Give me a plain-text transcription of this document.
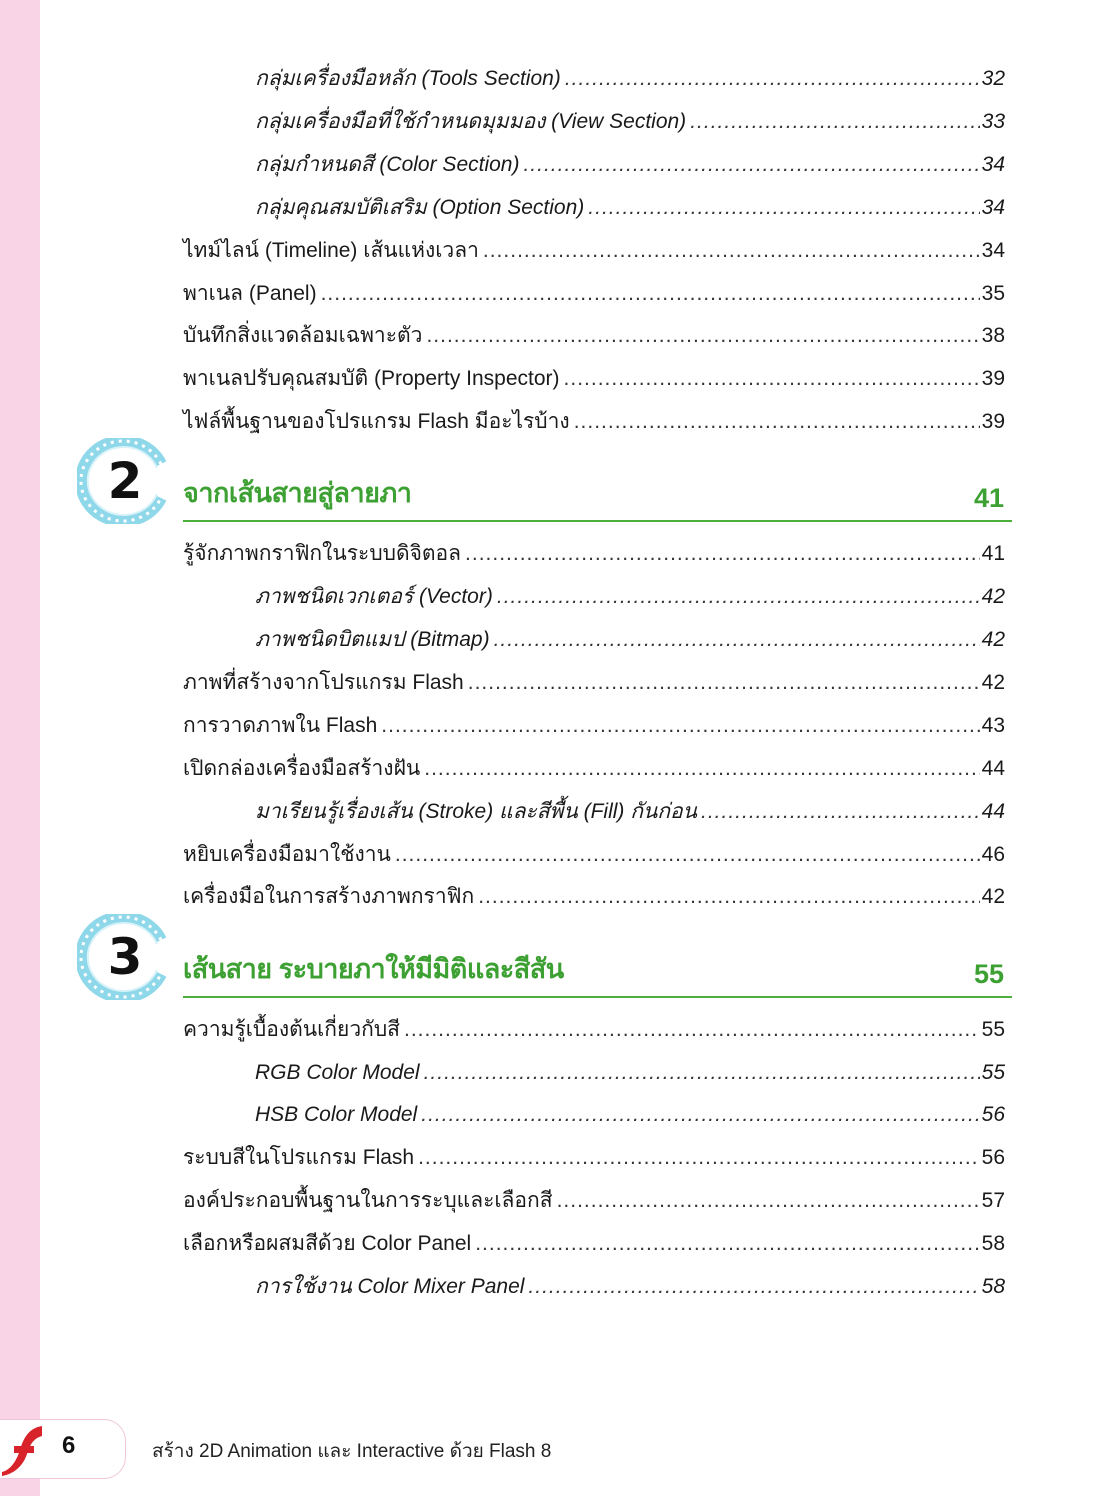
กลุ่มเครื่องมือหลัก (Tools Section) .....	32
กลุ่มเครื่องมือที่ใช้กำหนดมุมมอง (View Section) .....	33
กลุ่มกำหนดสี (Color Section) .....	34
กลุ่มคุณสมบัติเสริม (Option Section) .....	34
ไทม์ไลน์ (Timeline) เส้นแห่งเวลา .....	34
พาเนล (Panel) .....	35
บันทึกสิ่งแวดล้อมเฉพาะตัว .....	38
พาเนลปรับคุณสมบัติ (Property Inspector) .....	39
ไฟล์พื้นฐานของโปรแกรม Flash มีอะไรบ้าง .....	39
2	จากเส้นสายสู่ลายภา	41
รู้จักภาพกราฟิกในระบบดิจิตอล .....	41
ภาพชนิดเวกเตอร์ (Vector) .....	42
ภาพชนิดบิตแมป (Bitmap) .....	42
ภาพที่สร้างจากโปรแกรม Flash .....	42
การวาดภาพใน Flash .....	43
เปิดกล่องเครื่องมือสร้างฝัน .....	44
มาเรียนรู้เรื่องเส้น (Stroke) และสีพื้น (Fill) กันก่อน .....	44
หยิบเครื่องมือมาใช้งาน .....	46
เครื่องมือในการสร้างภาพกราฟิก .....	42
3	เส้นสาย ระบายภาให้มีมิติและสีสัน	55
ความรู้เบื้องต้นเกี่ยวกับสี .....	55
RGB Color Model .....	55
HSB Color Model .....	56
ระบบสีในโปรแกรม Flash .....	56
องค์ประกอบพื้นฐานในการระบุและเลือกสี .....	57
เลือกหรือผสมสีด้วย Color Panel .....	58
การใช้งาน Color Mixer Panel .....	58
6	สร้าง 2D Animation และ Interactive ด้วย Flash 8
